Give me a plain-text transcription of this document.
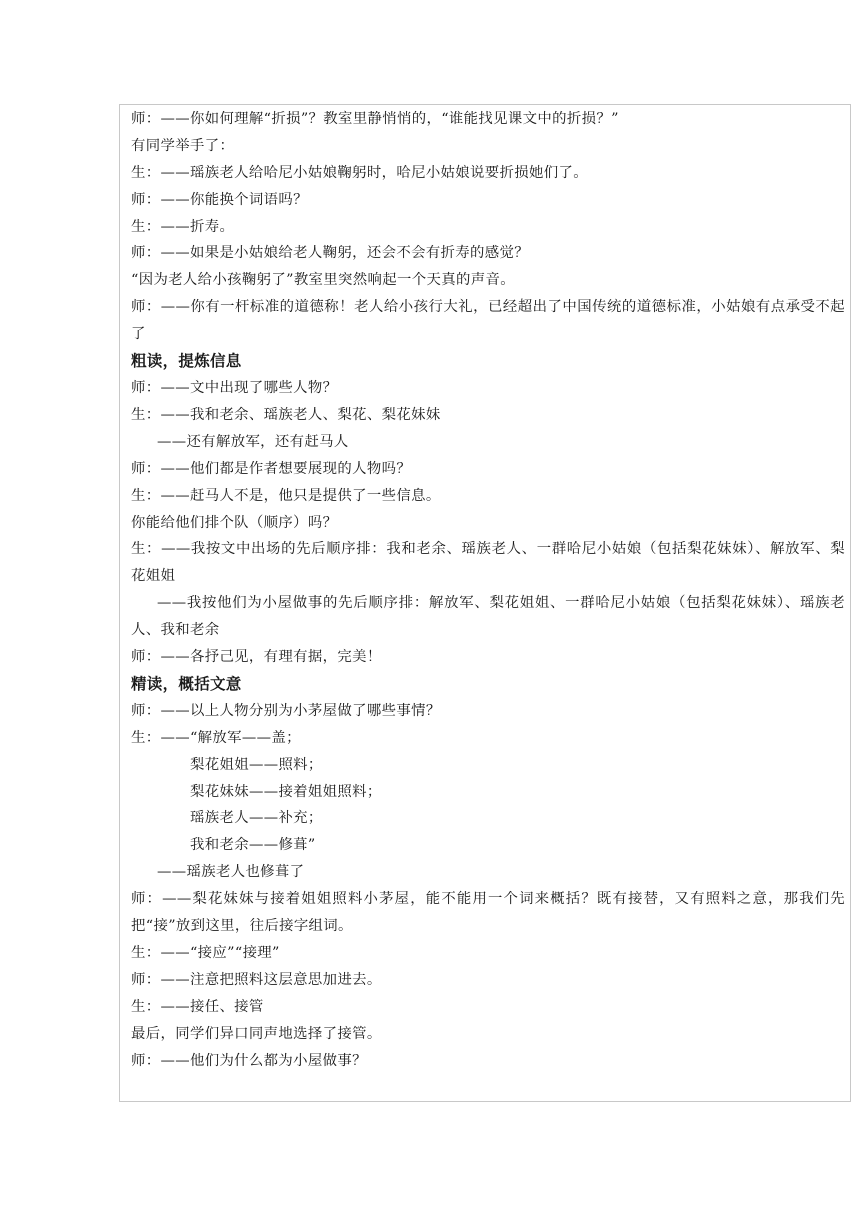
师：——你如何理解“折损”？教室里静悄悄的，“谁能找见课文中的折损？”
有同学举手了：
生：——瑶族老人给哈尼小姑娘鞠躬时，哈尼小姑娘说要折损她们了。
师：——你能换个词语吗？
生：——折寿。
师：——如果是小姑娘给老人鞠躬，还会不会有折寿的感觉？
“因为老人给小孩鞠躬了”教室里突然响起一个天真的声音。
师：——你有一杆标准的道德称！老人给小孩行大礼，已经超出了中国传统的道德标准，小姑娘有点承受不起了
粗读，提炼信息
师：——文中出现了哪些人物？
生：——我和老余、瑶族老人、梨花、梨花妹妹
——还有解放军，还有赶马人
师：——他们都是作者想要展现的人物吗？
生：——赶马人不是，他只是提供了一些信息。
你能给他们排个队（顺序）吗？
生：——我按文中出场的先后顺序排：我和老余、瑶族老人、一群哈尼小姑娘（包括梨花妹妹）、解放军、梨花姐姐
——我按他们为小屋做事的先后顺序排：解放军、梨花姐姐、一群哈尼小姑娘（包括梨花妹妹）、瑶族老人、我和老余
师：——各抒己见，有理有据，完美！
精读，概括文意
师：——以上人物分别为小茅屋做了哪些事情？
生：——“解放军——盖；
梨花姐姐——照料；
梨花妹妹——接着姐姐照料；
瑶族老人——补充；
我和老余——修葺”
——瑶族老人也修葺了
师：——梨花妹妹与接着姐姐照料小茅屋，能不能用一个词来概括？既有接替，又有照料之意，那我们先把“接”放到这里，往后接字组词。
生：——“接应”“接理”
师：——注意把照料这层意思加进去。
生：——接任、接管
最后，同学们异口同声地选择了接管。
师：——他们为什么都为小屋做事？
